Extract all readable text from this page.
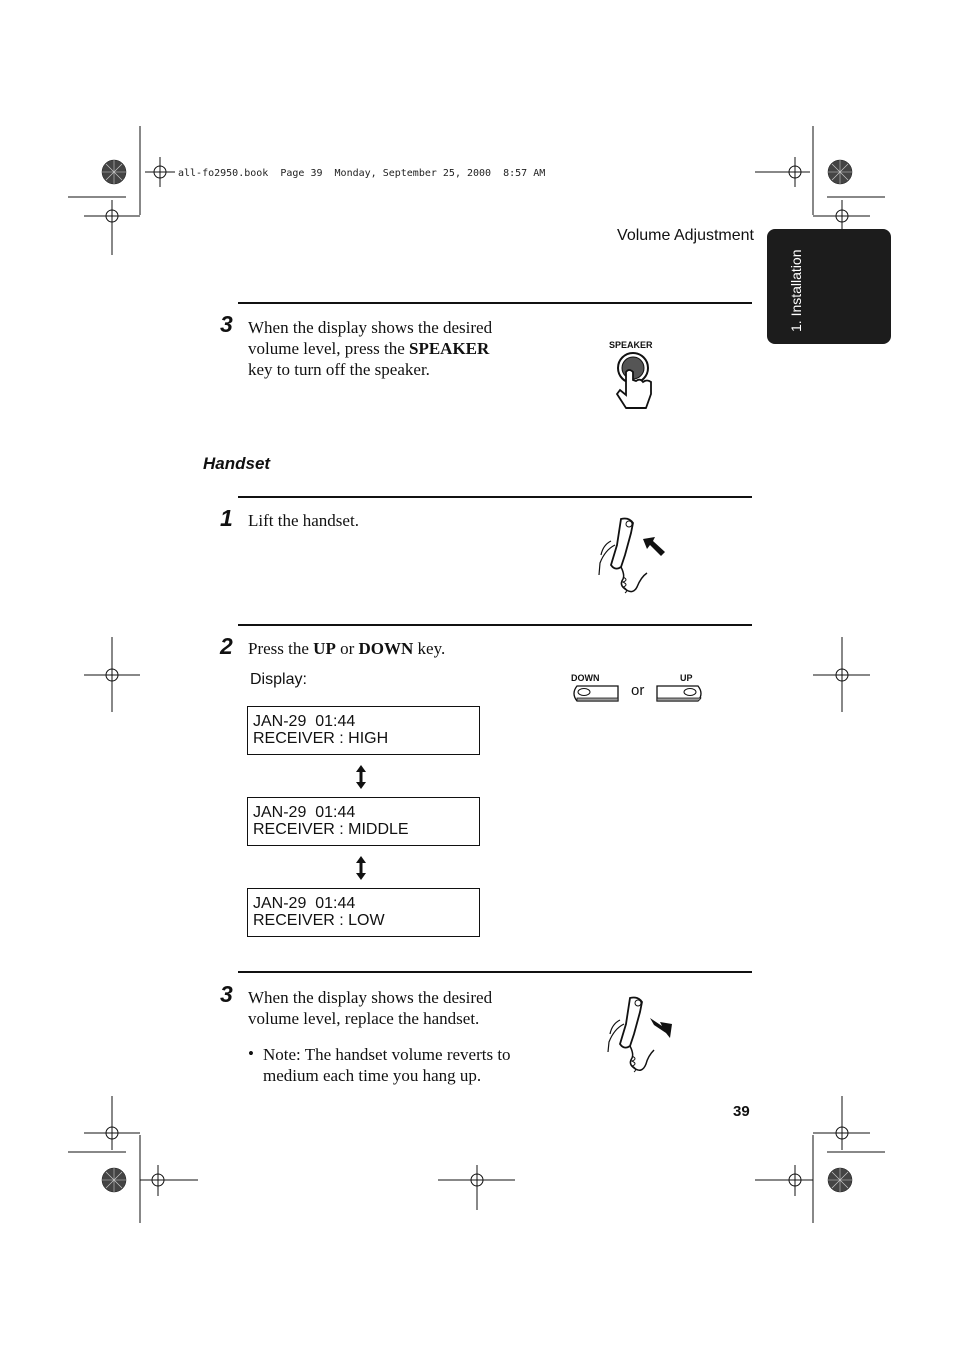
all-fo2950.book  Page 39  Monday, September 25, 2000  8:57 AM
Volume Adjustment
1. Installation
3 When the display shows the desired volume level, press the SPEAKER key to turn off the speaker.
SPEAKER
Handset
1 Lift the handset.
2 Press the UP or DOWN key.
DOWN	UP
or
Display:
JAN-29  01:44
RECEIVER : HIGH
JAN-29  01:44
RECEIVER : MIDDLE
JAN-29  01:44
RECEIVER : LOW
3 When the display shows the desired volume level, replace the handset.
• Note: The handset volume reverts to medium each time you hang up.
39
